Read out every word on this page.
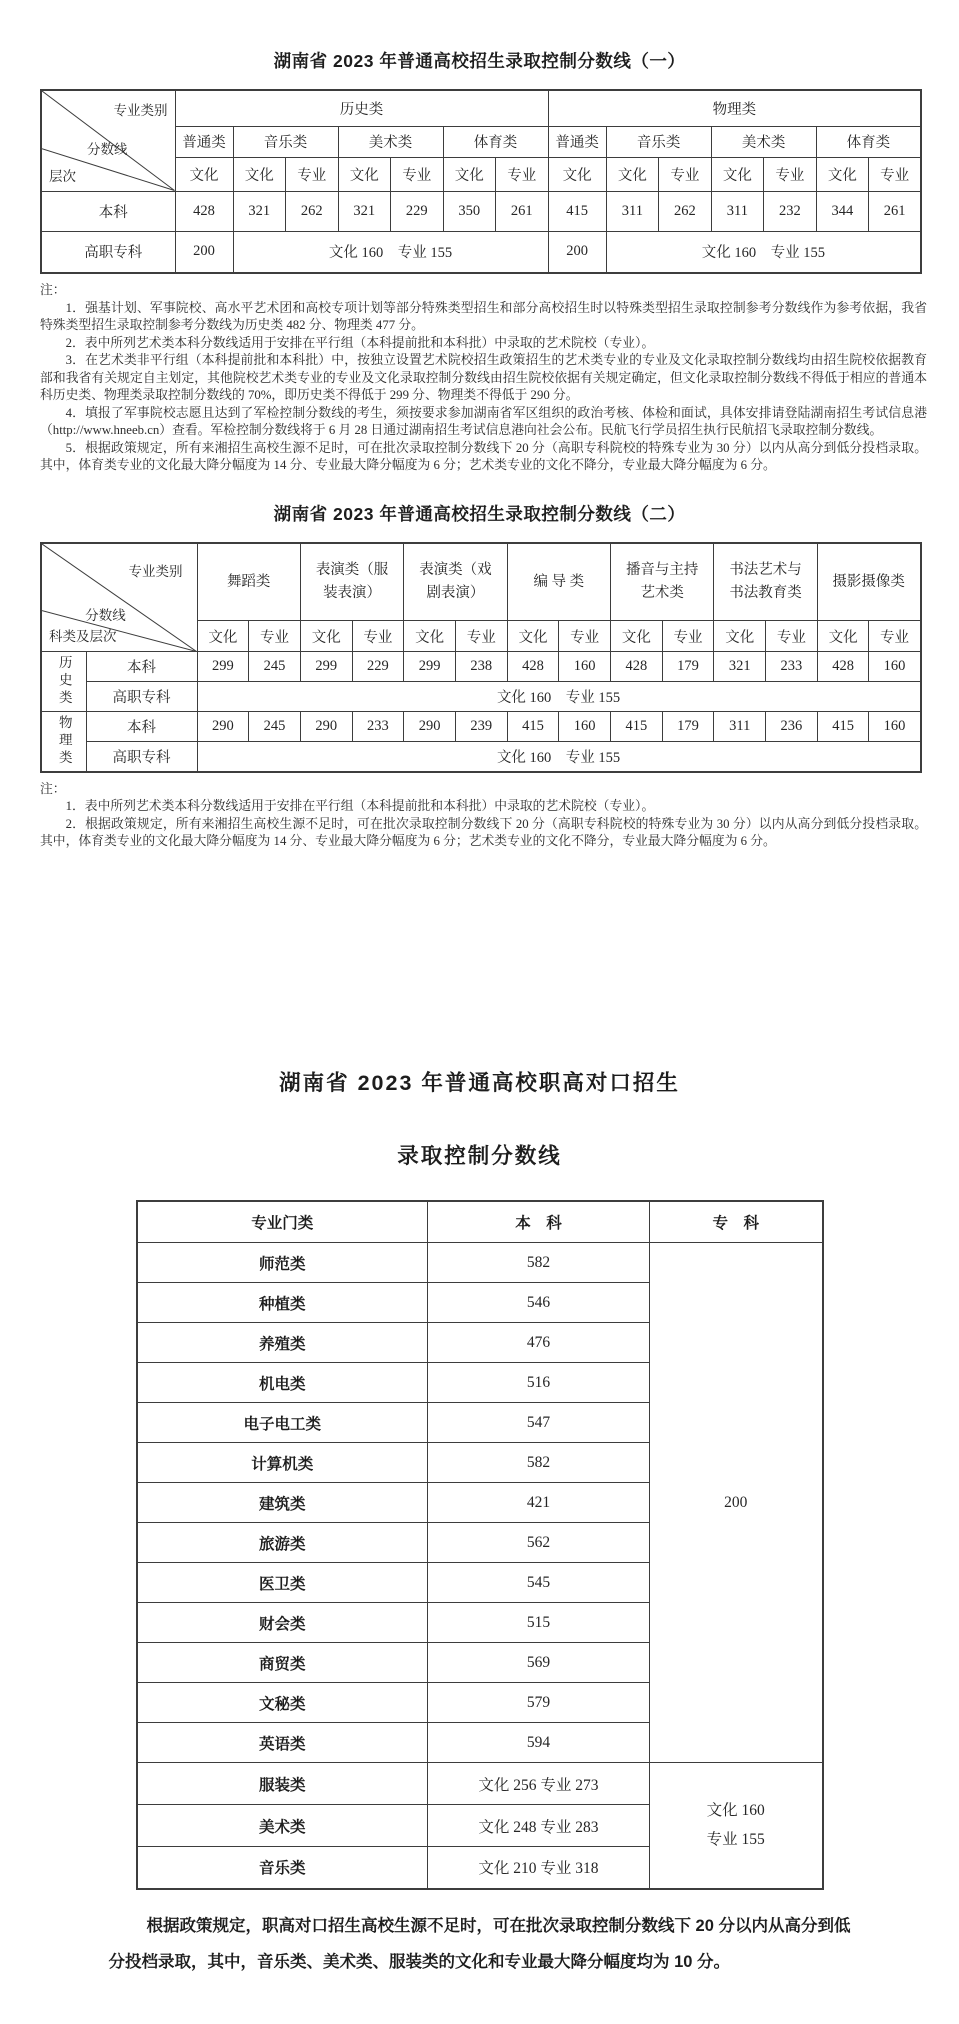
湖南省 2023 年普通高校招生录取控制分数线（一）
专业类别
分数线
层次	历史类							物理类						
	普通类	音乐类		美术类		体育类		普通类	音乐类		美术类		体育类	
	文化	文化	专业	文化	专业	文化	专业	文化	文化	专业	文化	专业	文化	专业
本科	428	321	262	321	229	350	261	415	311	262	311	232	344	261
高职专科	200	文化 160　专业 155						200	文化 160　专业 155					

注：

1．强基计划、军事院校、高水平艺术团和高校专项计划等部分特殊类型招生和部分高校招生时以特殊类型招生录取控制参考分数线作为参考依据，我省特殊类型招生录取控制参考分数线为历史类 482 分、物理类 477 分。

2．表中所列艺术类本科分数线适用于安排在平行组（本科提前批和本科批）中录取的艺术院校（专业）。

3．在艺术类非平行组（本科提前批和本科批）中，按独立设置艺术院校招生政策招生的艺术类专业的专业及文化录取控制分数线均由招生院校依据教育部和我省有关规定自主划定，其他院校艺术类专业的专业及文化录取控制分数线由招生院校依据有关规定确定，但文化录取控制分数线不得低于相应的普通本科历史类、物理类录取控制分数线的 70%，即历史类不得低于 299 分、物理类不得低于 290 分。

4．填报了军事院校志愿且达到了军检控制分数线的考生，须按要求参加湖南省军区组织的政治考核、体检和面试，具体安排请登陆湖南招生考试信息港（http://www.hneeb.cn）查看。军检控制分数线将于 6 月 28 日通过湖南招生考试信息港向社会公布。民航飞行学员招生执行民航招飞录取控制分数线。

5．根据政策规定，所有来湘招生高校生源不足时，可在批次录取控制分数线下 20 分（高职专科院校的特殊专业为 30 分）以内从高分到低分投档录取。其中，体育类专业的文化最大降分幅度为 14 分、专业最大降分幅度为 6 分；艺术类专业的文化不降分，专业最大降分幅度为 6 分。

湖南省 2023 年普通高校招生录取控制分数线（二）
专业类别
分数线
科类及层次		舞蹈类		表演类（服装表演）		表演类（戏剧表演）		编 导 类		播音与主持艺术类		书法艺术与书法教育类		摄影摄像类	
		文化	专业	文化	专业	文化	专业	文化	专业	文化	专业	文化	专业	文化	专业

历史类	本科	299	245	299	229	299	238	428	160	428	179	321	233	428	160
	高职专科	文化 160　专业 155													

物理类	本科	290	245	290	233	290	239	415	160	415	179	311	236	415	160
	高职专科	文化 160　专业 155													

注：

1．表中所列艺术类本科分数线适用于安排在平行组（本科提前批和本科批）中录取的艺术院校（专业）。

2．根据政策规定，所有来湘招生高校生源不足时，可在批次录取控制分数线下 20 分（高职专科院校的特殊专业为 30 分）以内从高分到低分投档录取。其中，体育类专业的文化最大降分幅度为 14 分、专业最大降分幅度为 6 分；艺术类专业的文化不降分，专业最大降分幅度为 6 分。

湖南省 2023 年普通高校职高对口招生
录取控制分数线
专业门类	本　科	专　科
师范类	582	200
种植类	546	
养殖类	476	
机电类	516	
电子电工类	547	
计算机类	582	
建筑类	421	
旅游类	562	
医卫类	545	
财会类	515	
商贸类	569	
文秘类	579	
英语类	594	
服装类	文化 256 专业 273	文化 160
专业 155

美术类	文化 248 专业 283	
音乐类	文化 210 专业 318	

根据政策规定，职高对口招生高校生源不足时，可在批次录取控制分数线下 20 分以内从高分到低分投档录取，其中，音乐类、美术类、服装类的文化和专业最大降分幅度均为 10 分。
